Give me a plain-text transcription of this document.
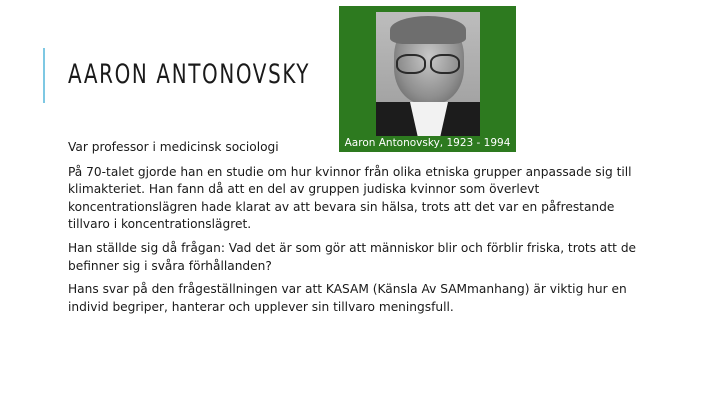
AARON ANTONOVSKY
Aaron Antonovsky, 1923 - 1994

Var professor i medicinsk sociologi

På 70-talet gjorde han en studie om hur kvinnor från olika etniska grupper anpassade sig till klimakteriet. Han fann då att en del av gruppen judiska kvinnor som överlevt koncentrationslägren hade klarat av att bevara sin hälsa, trots att det var en påfrestande tillvaro i koncentrationslägret.

Han ställde sig då frågan: Vad det är som gör att människor blir och förblir friska, trots att de befinner sig i svåra förhållanden?

Hans svar på den frågeställningen var att KASAM (Känsla Av SAMmanhang) är viktig hur en individ begriper, hanterar och upplever sin tillvaro meningsfull.
